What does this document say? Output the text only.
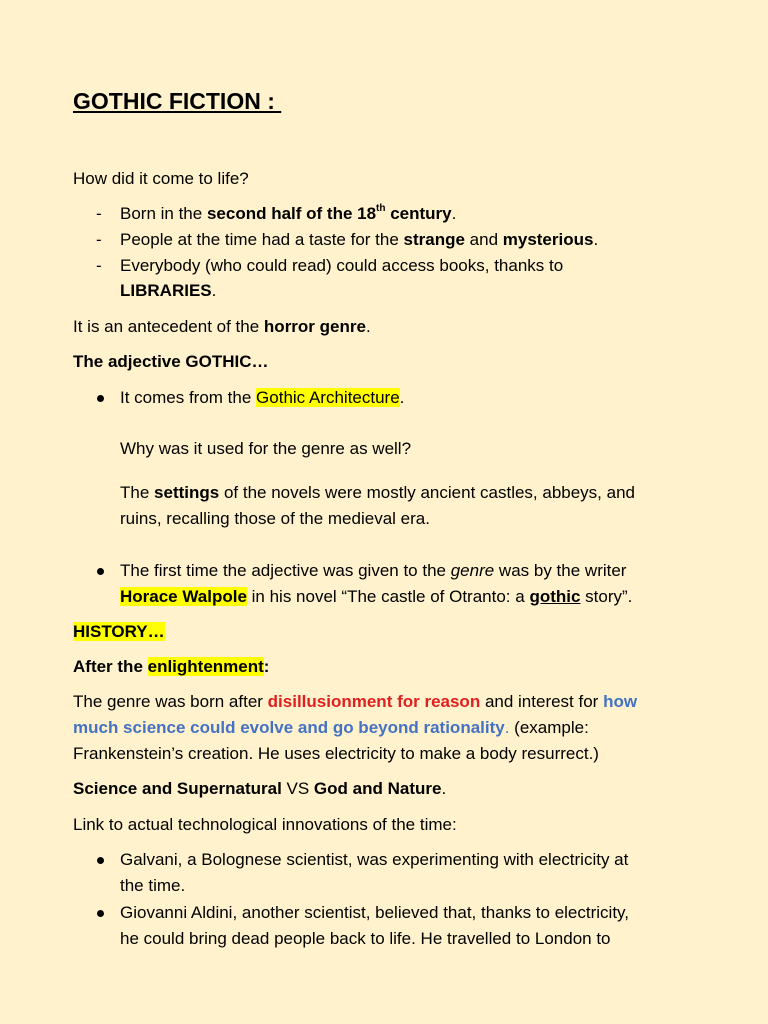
GOTHIC FICTION :
How did it come to life?
- Born in the second half of the 18th century.
- People at the time had a taste for the strange and mysterious.
- Everybody (who could read) could access books, thanks to
LIBRARIES.
It is an antecedent of the horror genre.
The adjective GOTHIC…
It comes from the Gothic Architecture.
Why was it used for the genre as well?
The settings of the novels were mostly ancient castles, abbeys, and
ruins, recalling those of the medieval era.
The first time the adjective was given to the genre was by the writer
Horace Walpole in his novel “The castle of Otranto: a gothic story”.
HISTORY…
After the enlightenment:
The genre was born after disillusionment for reason and interest for how
much science could evolve and go beyond rationality. (example:
Frankenstein’s creation. He uses electricity to make a body resurrect.)
Science and Supernatural VS God and Nature.
Link to actual technological innovations of the time:
Galvani, a Bolognese scientist, was experimenting with electricity at
the time.
Giovanni Aldini, another scientist, believed that, thanks to electricity,
he could bring dead people back to life. He travelled to London to
